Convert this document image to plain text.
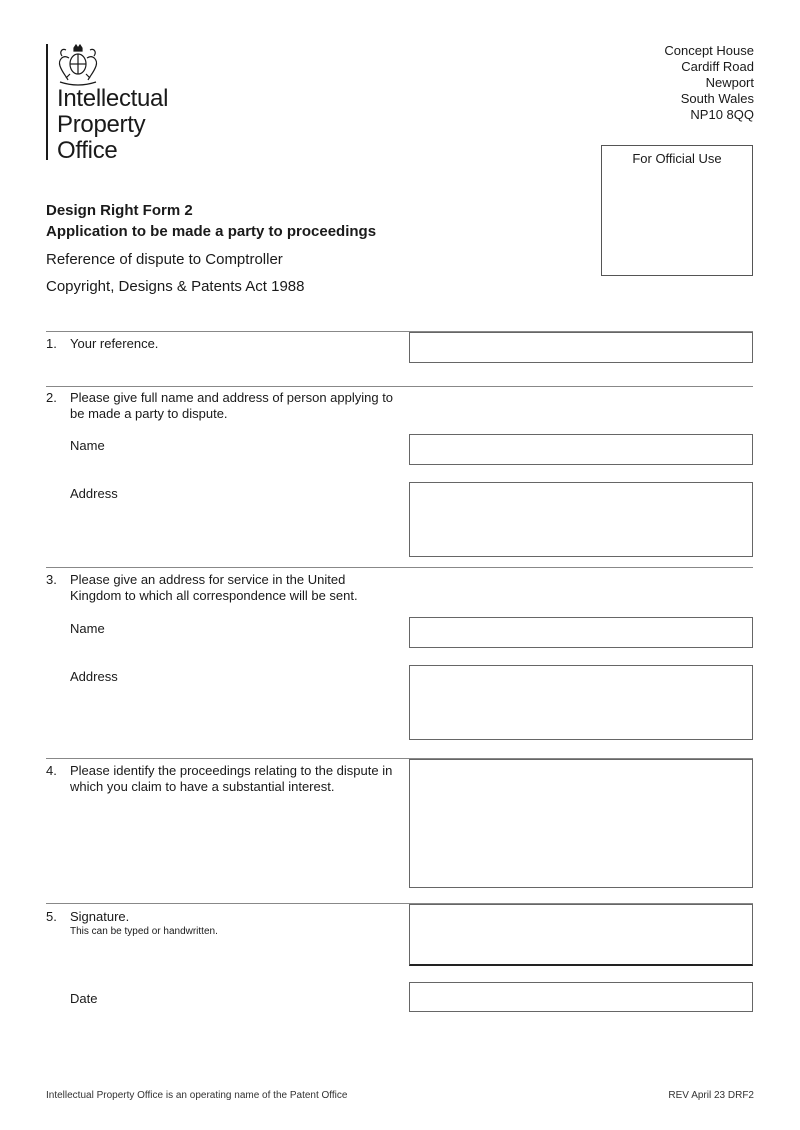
Intellectual
Property
Office
Concept House
Cardiff Road
Newport
South Wales
NP10 8QQ
For Official Use
Design Right Form 2
Application to be made a party to proceedings
Reference of dispute to Comptroller
Copyright, Designs & Patents Act 1988
1. Your reference.
2. Please give full name and address of person applying to be made a party to dispute.
Name
Address
3. Please give an address for service in the United Kingdom to which all correspondence will be sent.
Name
Address
4. Please identify the proceedings relating to the dispute in which you claim to have a substantial interest.
5. Signature.
This can be typed or handwritten.
Date
Intellectual Property Office is an operating name of the Patent Office	REV April 23 DRF2
